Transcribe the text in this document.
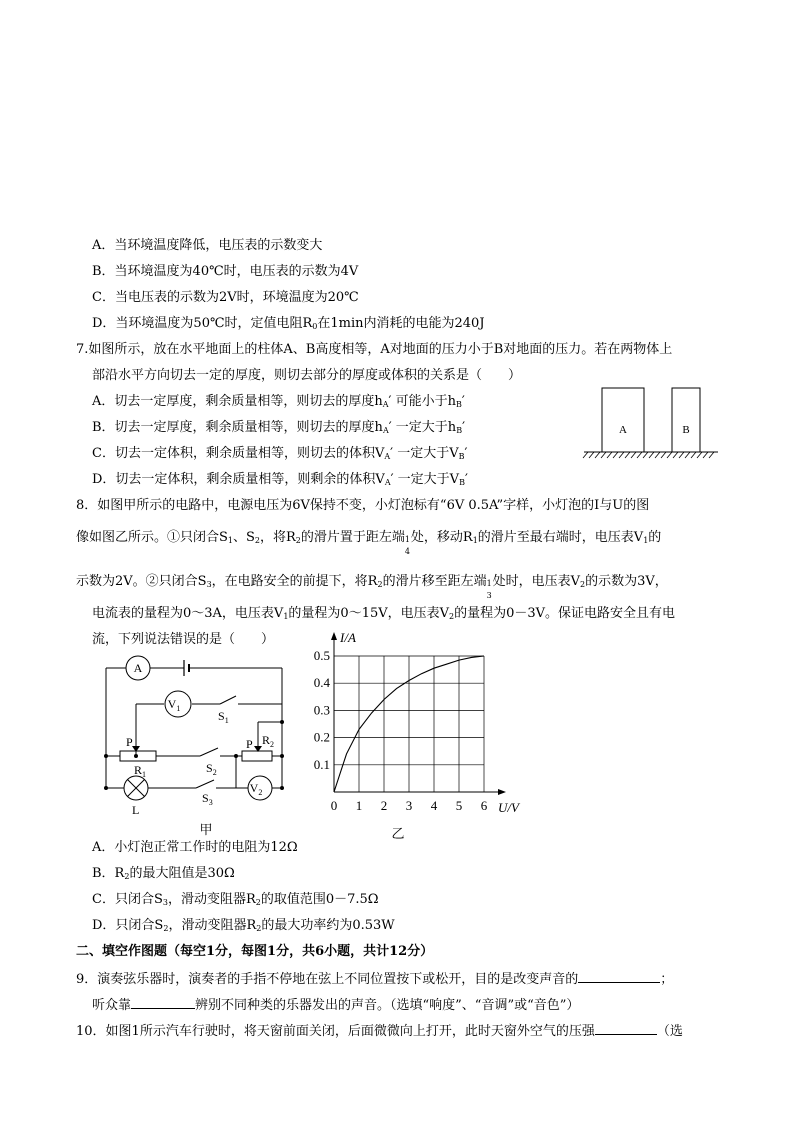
A．当环境温度降低，电压表的示数变大
B．当环境温度为40℃时，电压表的示数为4V
C．当电压表的示数为2V时，环境温度为20℃
D．当环境温度为50℃时，定值电阻$R_0$在1min内消耗的电能为240J
7.如图所示，放在水平地面上的柱体A、B高度相等，A对地面的压力小于B对地面的压力。若在两物体上
部沿水平方向切去一定的厚度，则切去部分的厚度或体积的关系是（　　）
A．切去一定厚度，剩余质量相等，则切去的厚度$h_A'$ 可能小于$h_B'$
B．切去一定厚度，剩余质量相等，则切去的厚度$h_A'$ 一定大于$h_B'$
C．切去一定体积，剩余质量相等，则切去的体积$V_A'$ 一定大于$V_B'$
D．切去一定体积，剩余质量相等，则剩余的体积$V_A'$ 一定大于$V_B'$
A	B
8．如图甲所示的电路中，电源电压为6V保持不变，小灯泡标有“6V 0.5A”字样，小灯泡的I与U的图
像如图乙所示。①只闭合$S_1$、$S_2$，将$R_2$的滑片置于距左端 1
4
处，移动$R_1$的滑片至最右端时，电压表$V_1$的
示数为2V。②只闭合$S_3$，在电路安全的前提下，将$R_2$的滑片移至距左端 1
3
处时，电压表$V_2$的示数为3V，
电流表的量程为0～3A，电压表$V_1$的量程为0～15V，电压表$V_2$的量程为0－3V。保证电路安全且有电
流，下列说法错误的是（　　）
A
$V_1$
$S_1$
P	P $R_2$
$R_1$	$S_2$
$S_3$
$V_2$
L
甲
0 1 2 3 4 5 6
0.1
0.2
0.3
0.4
0.5
I/A
U/V
乙
A．小灯泡正常工作时的电阻为12Ω
B．$R_2$的最大阻值是30Ω
C．只闭合$S_3$，滑动变阻器$R_2$的取值范围0－7.5Ω
D．只闭合$S_2$，滑动变阻器$R_2$的最大功率约为0.53W
二、填空作图题（每空1分，每图1分，共6小题，共计12分）
9．演奏弦乐器时，演奏者的手指不停地在弦上不同位置按下或松开，目的是改变声音的	；
听众靠	辨别不同种类的乐器发出的声音。（选填“响度”、“音调”或“音色”）
10．如图1所示汽车行驶时，将天窗前面关闭，后面微微向上打开，此时天窗外空气的压强	（选
